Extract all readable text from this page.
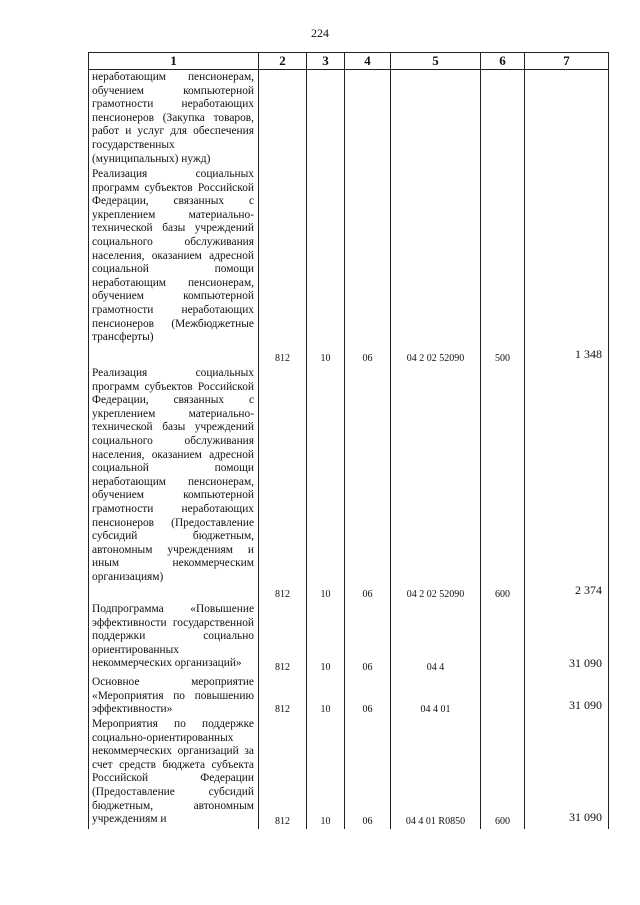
224
1	2	3	4	5	6	7
неработающим пенсионерам, обучением компьютерной грамотности неработающих пенсионеров (Закупка товаров, работ и услуг для обеспечения государственных (муниципальных) нужд)						
Реализация социальных программ субъектов Российской Федерации, связанных с укреплением материально-технической базы учреждений социального обслуживания населения, оказанием адресной социальной помощи неработающим пенсионерам, обучением компьютерной грамотности неработающих пенсионеров (Межбюджетные трансферты)	812	10	06	04 2 02 52090	500	1 348
Реализация социальных программ субъектов Российской Федерации, связанных с укреплением материально-технической базы учреждений социального обслуживания населения, оказанием адресной социальной помощи неработающим пенсионерам, обучением компьютерной грамотности неработающих пенсионеров (Предоставление субсидий бюджетным, автономным учреждениям и иным некоммерческим организациям)	812	10	06	04 2 02 52090	600	2 374
Подпрограмма «Повышение эффективности государственной поддержки социально ориентированных некоммерческих организаций»	812	10	06	04 4		31 090
Основное мероприятие «Мероприятия по повышению эффективности»	812	10	06	04 4 01		31 090
Мероприятия по поддержке социально-ориентированных некоммерческих организаций за счет средств бюджета субъекта Российской Федерации (Предоставление субсидий бюджетным, автономным учреждениям и	812	10	06	04 4 01 R0850	600	31 090
